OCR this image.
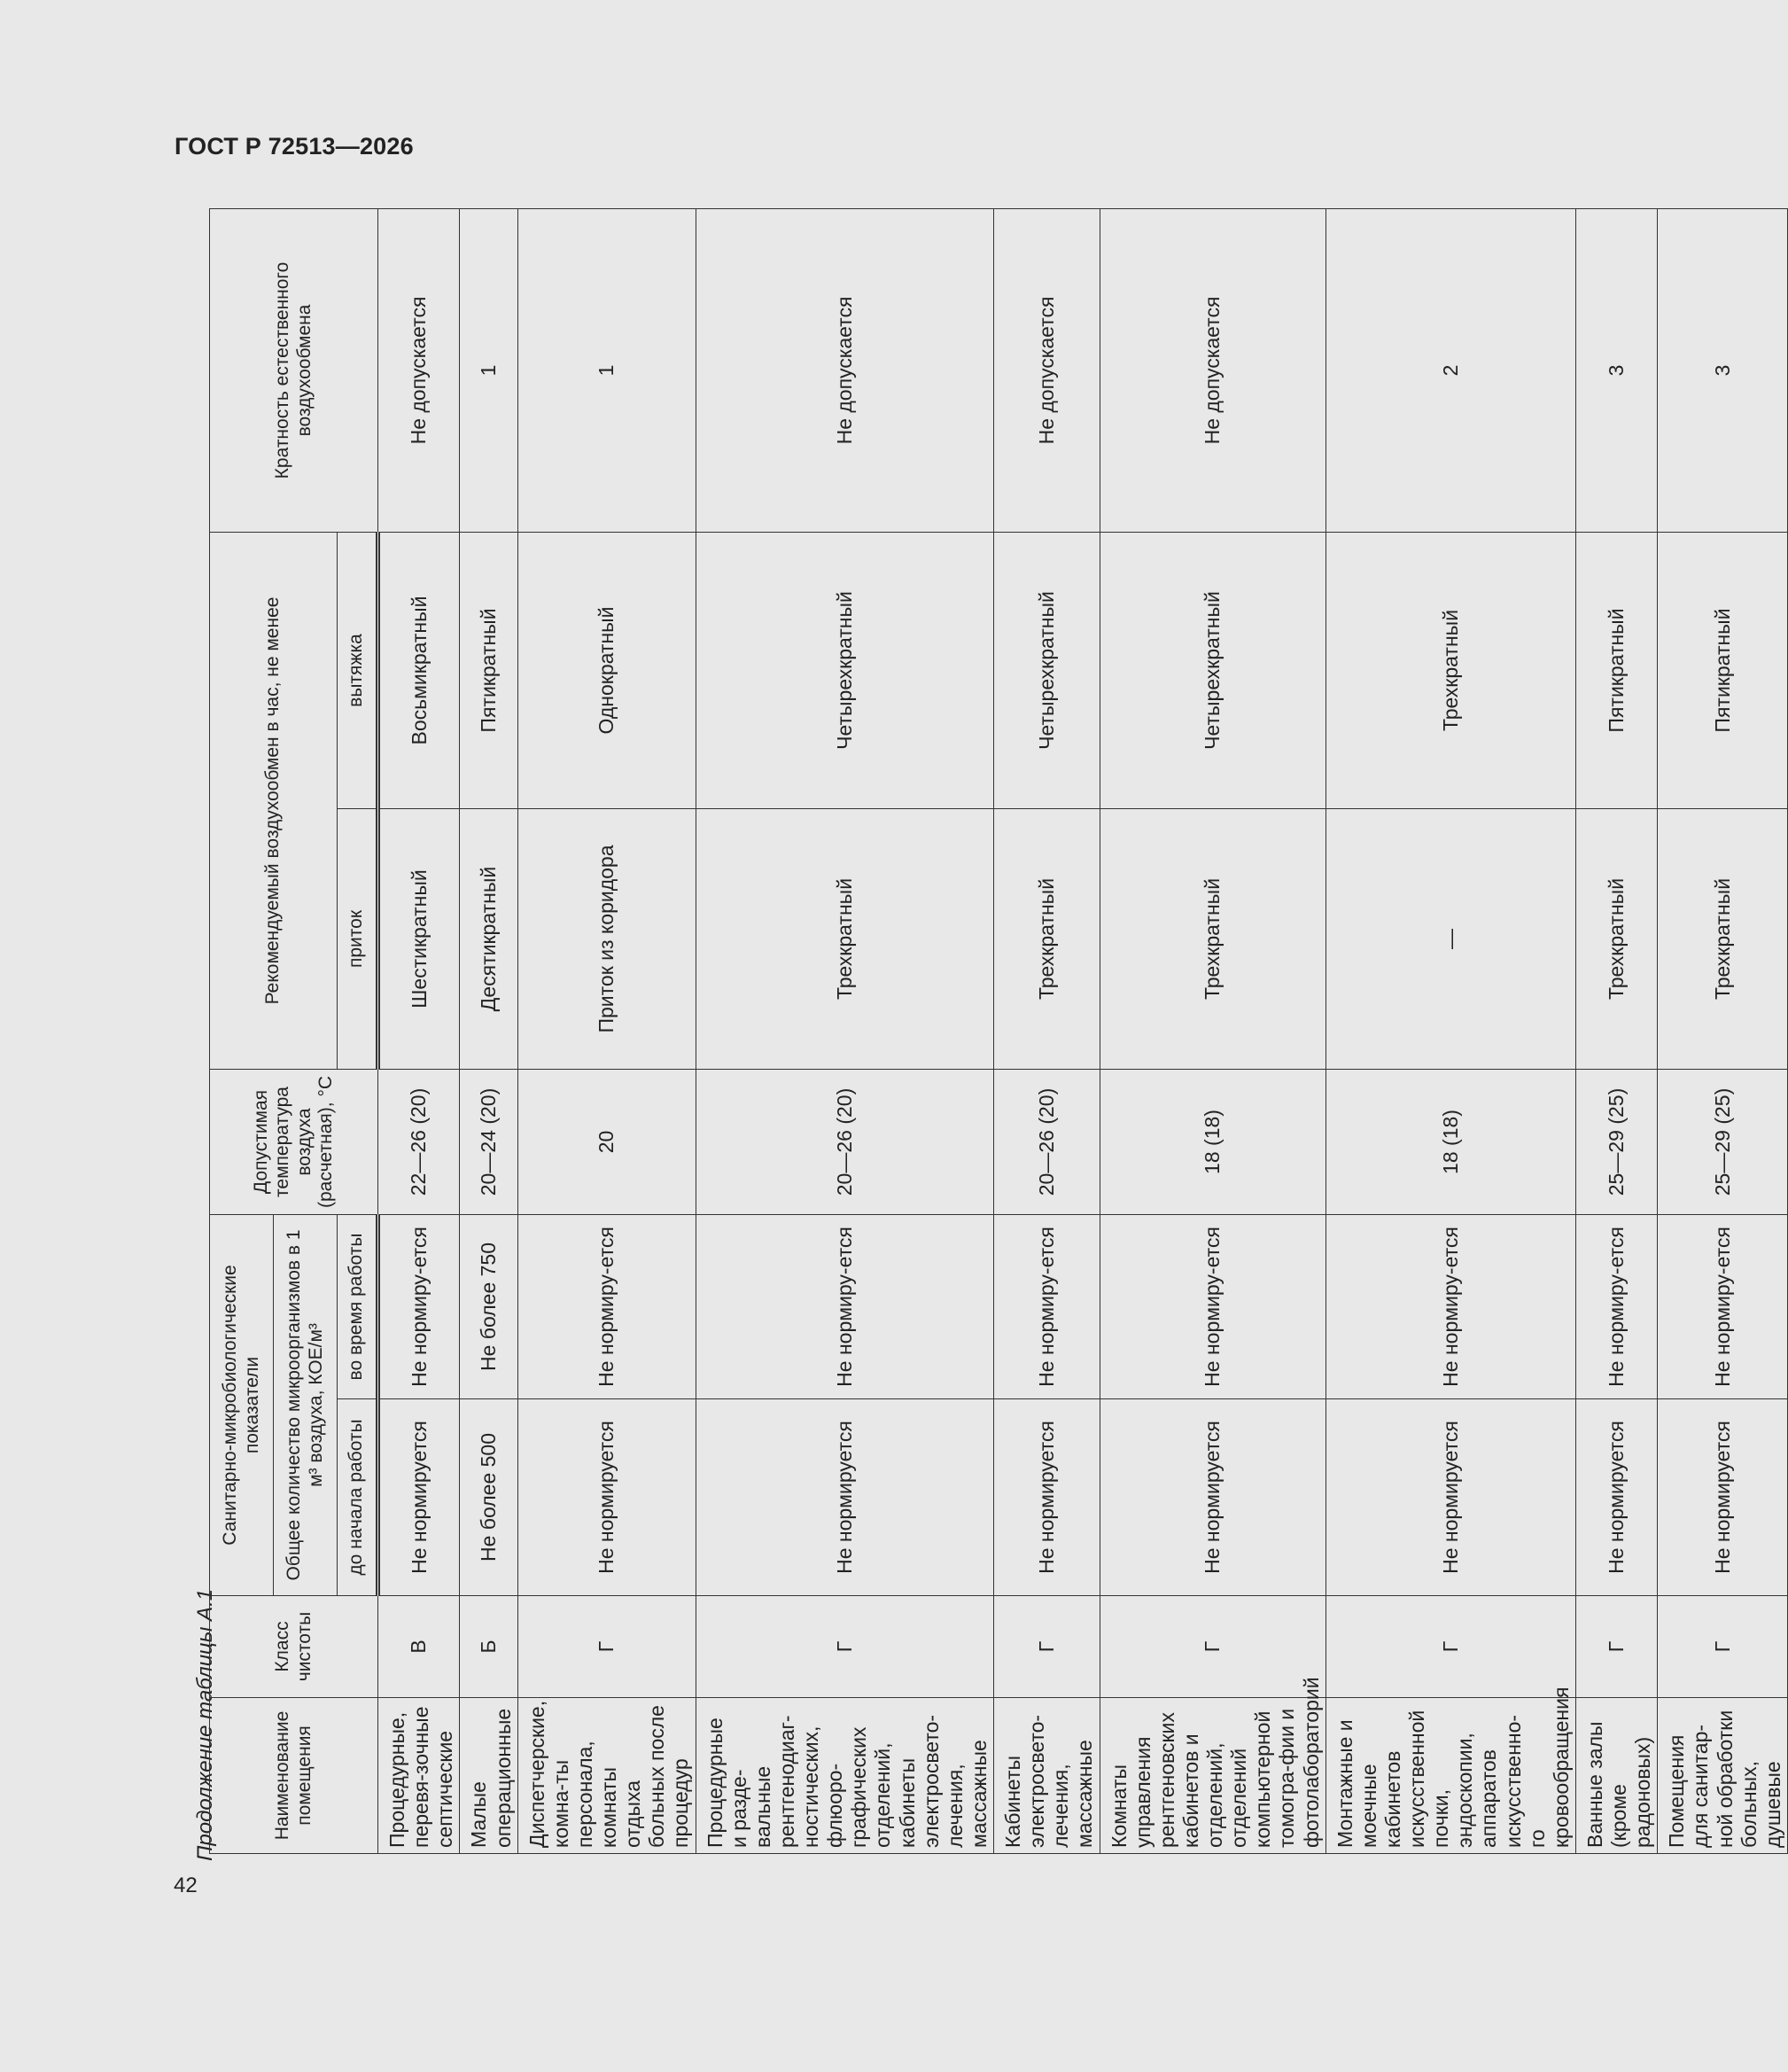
ГОСТ Р 72513—2026
42
Продолжение таблицы А.1	Наименование помещения	Класс чистоты	Санитарно-микробиологические показатели		Допустимая температура воздуха (расчетная), °С	Рекомендуемый воздухообмен в час, не менее		Кратность естественного воздухообмена
		Общее количество микроорганизмов в 1 м³ воздуха, КОЕ/м³					
		до начала работы	во время работы		приток	вытяжка	
Процедурные, перевя-зочные септические	В	Не нормируется	Не нормиру-ется	22—26 (20)	Шестикратный	Восьмикратный	Не допускается
Малые операционные	Б	Не более 500	Не более 750	20—24 (20)	Десятикратный	Пятикратный	1
Диспетчерские, комна-ты персонала, комнаты отдыха больных после процедур	Г	Не нормируется	Не нормиру-ется	20	Приток из коридора	Однократный	1
Процедурные и разде-вальные рентгенодиаг-ностических, флюоро-графических отделений, кабинеты электросвето-лечения, массажные	Г	Не нормируется	Не нормиру-ется	20—26 (20)	Трехкратный	Четырехкратный	Не допускается
Кабинеты электросвето-лечения, массажные	Г	Не нормируется	Не нормиру-ется	20—26 (20)	Трехкратный	Четырехкратный	Не допускается
Комнаты управления рентгеновских кабинетов и отделений, отделений компьютерной томогра-фии и фотолабораторий	Г	Не нормируется	Не нормиру-ется	18 (18)	Трехкратный	Четырехкратный	Не допускается
Монтажные и моечные кабинетов искусственной почки, эндоскопии, аппаратов искусственно-го кровообращения	Г	Не нормируется	Не нормиру-ется	18 (18)	—	Трехкратный	2
Ванные залы (кроме радоновых)	Г	Не нормируется	Не нормиру-ется	25—29 (25)	Трехкратный	Пятикратный	3
Помещения для санитар-ной обработки больных, душевые	Г	Не нормируется	Не нормиру-ется	25—29 (25)	Трехкратный	Пятикратный	3
